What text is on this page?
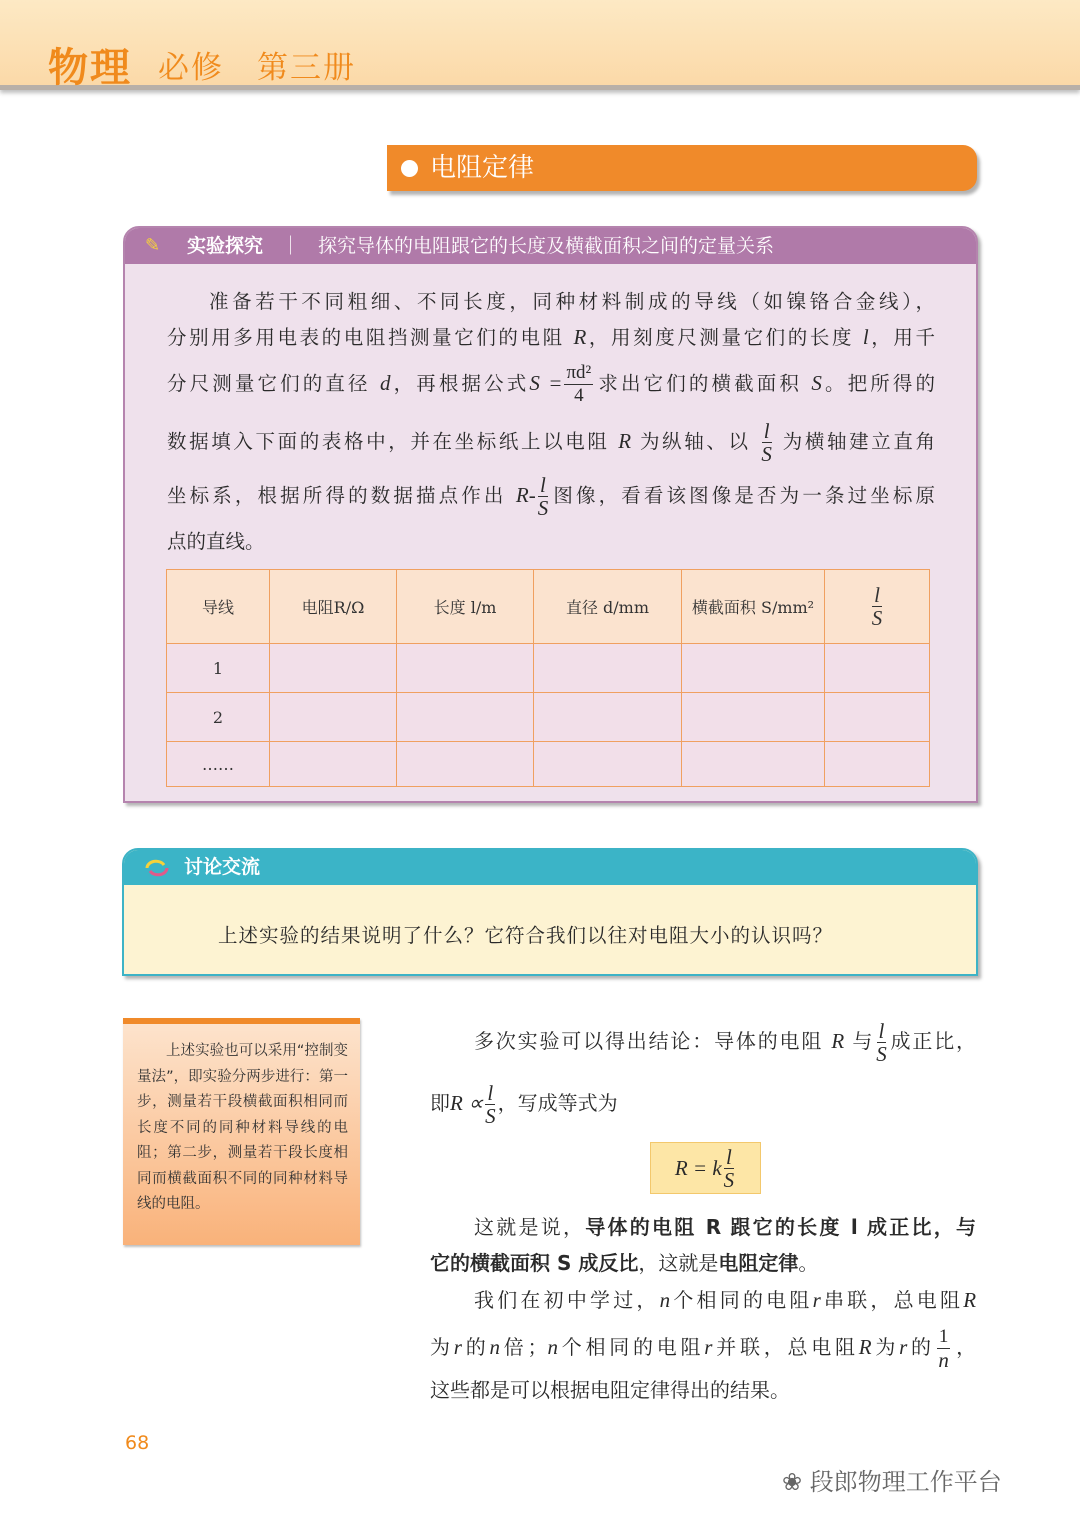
物理 必修　第三册
电阻定律
✎	实验探究 ｜ 探究导体的电阻跟它的长度及横截面积之间的定量关系
准备若干不同粗细、不同长度，同种材料制成的导线（如镍铬合金线），
分别用多用电表的电阻挡测量它们的电阻 R，用刻度尺测量它们的长度 l，用千
分尺测量它们的直径 d，再根据公式$S = \frac{\text{πd²}}{4}$ 求出它们的横截面积 S。把所得的
数据填入下面的表格中，并在坐标纸上以电阻 R 为纵轴、以 $\frac{l}{S}$ 为横轴建立直角
坐标系，根据所得的数据描点作出 $R- \frac{l}{S}$ 图像，看看该图像是否为一条过坐标原
点的直线。
导线	电阻R/Ω	长度 l/m	直径 d/mm	横截面积 S/mm²	$\frac{l}{S}$

1					
2					
……					
讨论交流
上述实验的结果说明了什么？它符合我们以往对电阻大小的认识吗？

上述实验也可以采用“控制变量法”，即实验分两步进行：第一步，测量若干段横截面积相同而长度不同的同种材料导线的电阻；第二步，测量若干段长度相同而横截面积不同的同种材料导线的电阻。

多次实验可以得出结论：导体的电阻 R 与 $\frac{l}{S}$ 成正比，
即$R \propto \frac{l}{S}$ ，写成等式为
R = k $\frac{l}{S}$
这就是说，导体的电阻 R 跟它的长度 l 成正比，与
它的横截面积 S 成反比，这就是电阻定律。
我们在初中学过，n个相同的电阻r串联，总电阻R
为r的n倍；n个相同的电阻r并联，总电阻R为r的 $\frac{1}{n}$ ，
这些都是可以根据电阻定律得出的结果。
68
❀ 段郎物理工作平台
